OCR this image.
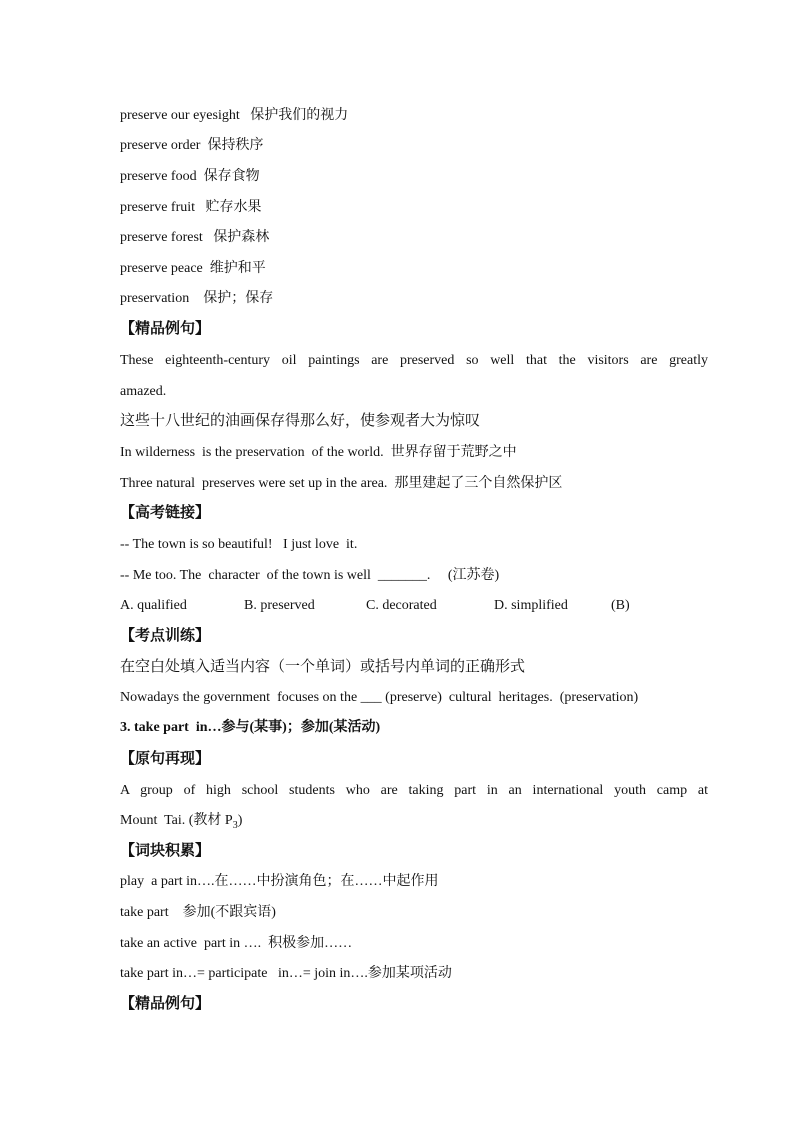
preserve our eyesight   保护我们的视力
preserve order  保持秩序
preserve food  保存食物
preserve fruit   贮存水果
preserve forest   保护森林
preserve peace  维护和平
preservation    保护；保存
【精品例句】
These eighteenth-century oil paintings are preserved so well that the visitors are greatly
amazed.
这些十八世纪的油画保存得那么好，使参观者大为惊叹
In wilderness  is the preservation  of the world.  世界存留于荒野之中
Three natural  preserves were set up in the area.  那里建起了三个自然保护区
【高考链接】
-- The town is so beautiful!   I just love  it.
-- Me too. The  character  of the town is well  _______.     (江苏卷)
A. qualified	B. preserved	C. decorated	D. simplified	(B)
【考点训练】
在空白处填入适当内容（一个单词）或括号内单词的正确形式
Nowadays the government  focuses on the ___ (preserve)  cultural  heritages.  (preservation)
3. take part  in…参与(某事)；参加(某活动)
【原句再现】
A group of high school students who are taking part in an international youth camp at
Mount  Tai. (教材 $P_3$)
【词块积累】
play  a part in….在……中扮演角色；在……中起作用
take part    参加(不跟宾语)
take an active  part in ….  积极参加……
take part in…= participate   in…= join in….参加某项活动
【精品例句】
